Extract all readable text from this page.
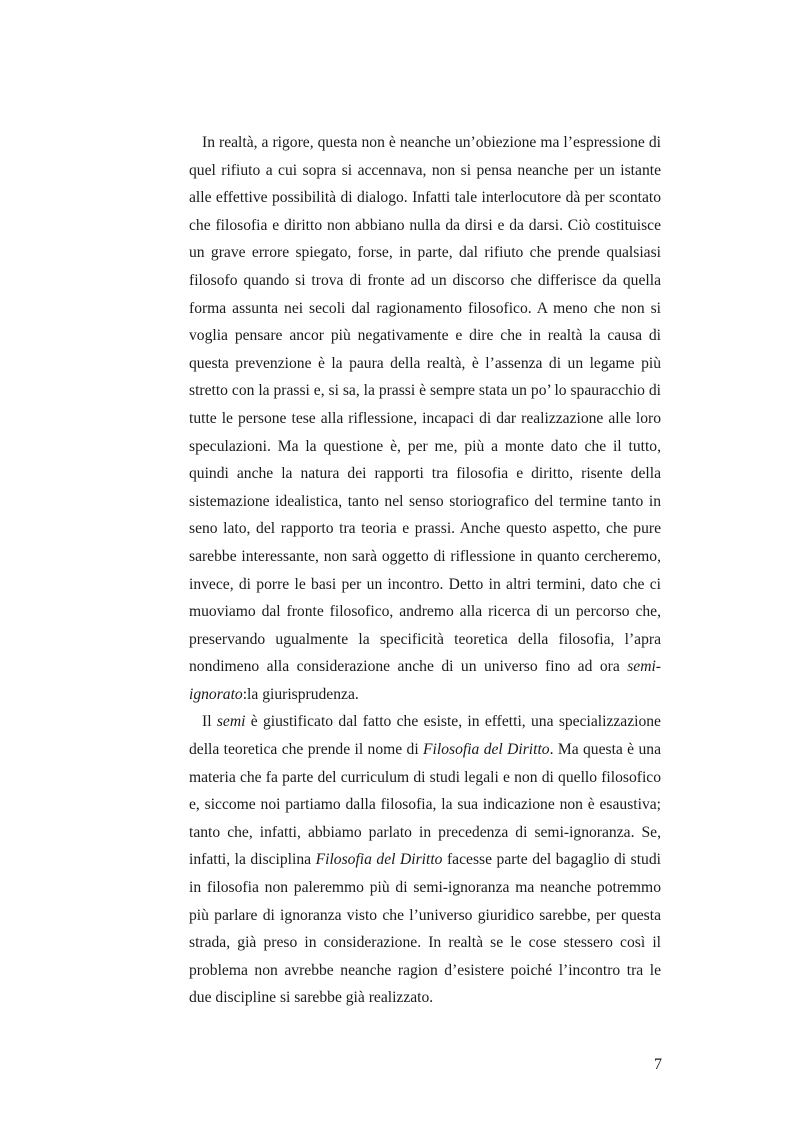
In realtà, a rigore, questa non è neanche un’obiezione ma l’espressione di quel rifiuto a cui sopra si accennava, non si pensa neanche per un istante alle effettive possibilità di dialogo. Infatti tale interlocutore dà per scontato che filosofia e diritto non abbiano nulla da dirsi e da darsi. Ciò costituisce un grave errore spiegato, forse, in parte, dal rifiuto che prende qualsiasi filosofo quando si trova di fronte ad un discorso che differisce da quella forma assunta nei secoli dal ragionamento filosofico. A meno che non si voglia pensare ancor più negativamente e dire che in realtà la causa di questa prevenzione è la paura della realtà, è l’assenza di un legame più stretto con la prassi e, si sa, la prassi è sempre stata un po’ lo spauracchio di tutte le persone tese alla riflessione, incapaci di dar realizzazione alle loro speculazioni. Ma la questione è, per me, più a monte dato che il tutto, quindi anche la natura dei rapporti tra filosofia e diritto, risente della sistemazione idealistica, tanto nel senso storiografico del termine tanto in seno lato, del rapporto tra teoria e prassi. Anche questo aspetto, che pure sarebbe interessante, non sarà oggetto di riflessione in quanto cercheremo, invece, di porre le basi per un incontro. Detto in altri termini, dato che ci muoviamo dal fronte filosofico, andremo alla ricerca di un percorso che, preservando ugualmente la specificità teoretica della filosofia, l’apra nondimeno alla considerazione anche di un universo fino ad ora semi-ignorato:la giurisprudenza.

Il semi è giustificato dal fatto che esiste, in effetti, una specializzazione della teoretica che prende il nome di Filosofia del Diritto. Ma questa è una materia che fa parte del curriculum di studi legali e non di quello filosofico e, siccome noi partiamo dalla filosofia, la sua indicazione non è esaustiva; tanto che, infatti, abbiamo parlato in precedenza di semi-ignoranza. Se, infatti, la disciplina Filosofia del Diritto facesse parte del bagaglio di studi in filosofia non paleremmo più di semi-ignoranza ma neanche potremmo più parlare di ignoranza visto che l’universo giuridico sarebbe, per questa strada, già preso in considerazione. In realtà se le cose stessero così il problema non avrebbe neanche ragion d’esistere poiché l’incontro tra le due discipline si sarebbe già realizzato.

7
